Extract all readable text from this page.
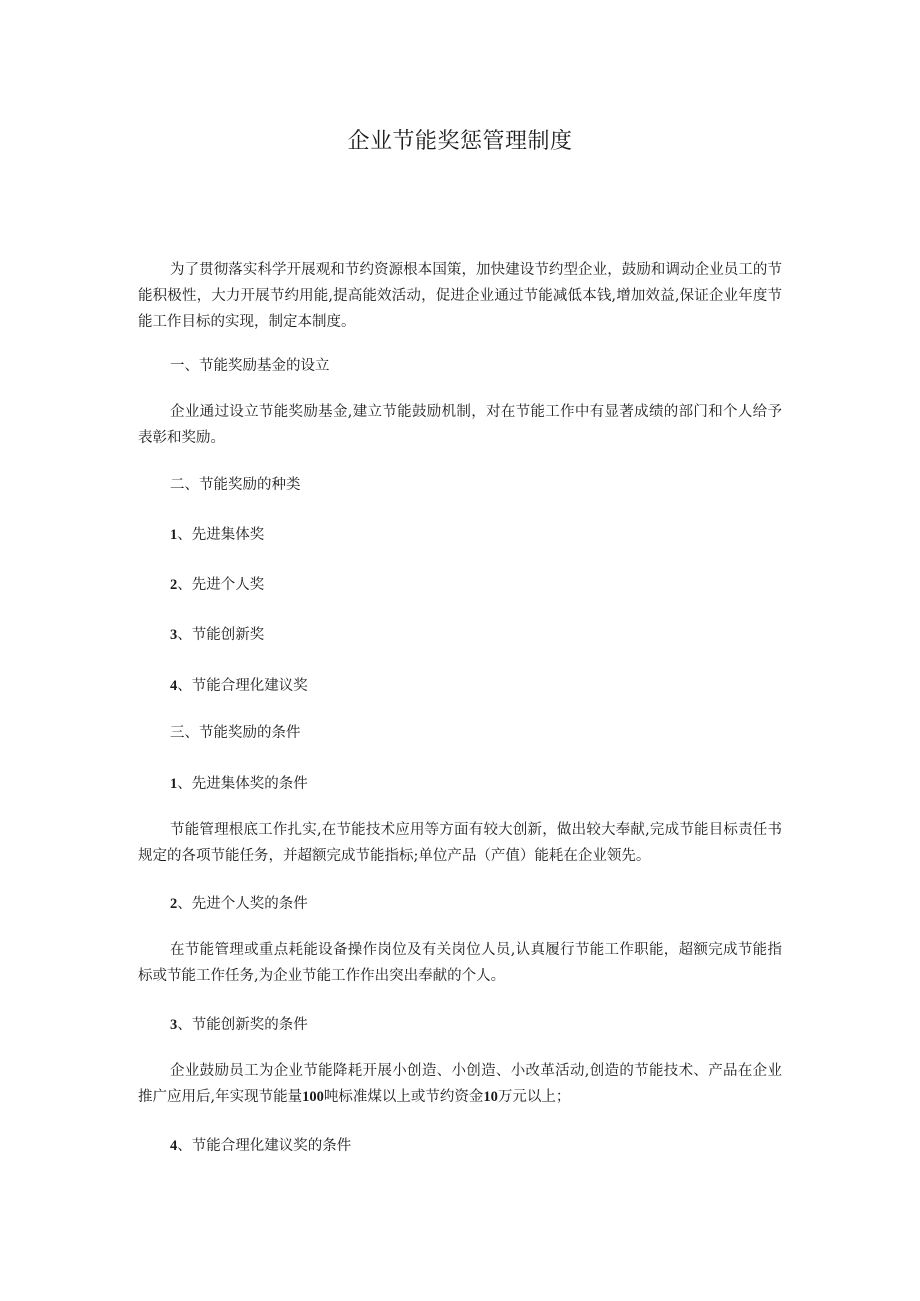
企业节能奖惩管理制度
为了贯彻落实科学开展观和节约资源根本国策，加快建设节约型企业，鼓励和调动企业员工的节能积极性，大力开展节约用能,提高能效活动，促进企业通过节能减低本钱,增加效益,保证企业年度节能工作目标的实现，制定本制度。
一、节能奖励基金的设立
企业通过设立节能奖励基金,建立节能鼓励机制，对在节能工作中有显著成绩的部门和个人给予表彰和奖励。
二、节能奖励的种类
1、先进集体奖
2、先进个人奖
3、节能创新奖
4、节能合理化建议奖
三、节能奖励的条件
1、先进集体奖的条件
节能管理根底工作扎实,在节能技术应用等方面有较大创新，做出较大奉献,完成节能目标责任书规定的各项节能任务，并超额完成节能指标;单位产品（产值）能耗在企业领先。
2、先进个人奖的条件
在节能管理或重点耗能设备操作岗位及有关岗位人员,认真履行节能工作职能，超额完成节能指标或节能工作任务,为企业节能工作作出突出奉献的个人。
3、节能创新奖的条件
企业鼓励员工为企业节能降耗开展小创造、小创造、小改革活动,创造的节能技术、产品在企业推广应用后,年实现节能量100吨标准煤以上或节约资金10万元以上；
4、节能合理化建议奖的条件
